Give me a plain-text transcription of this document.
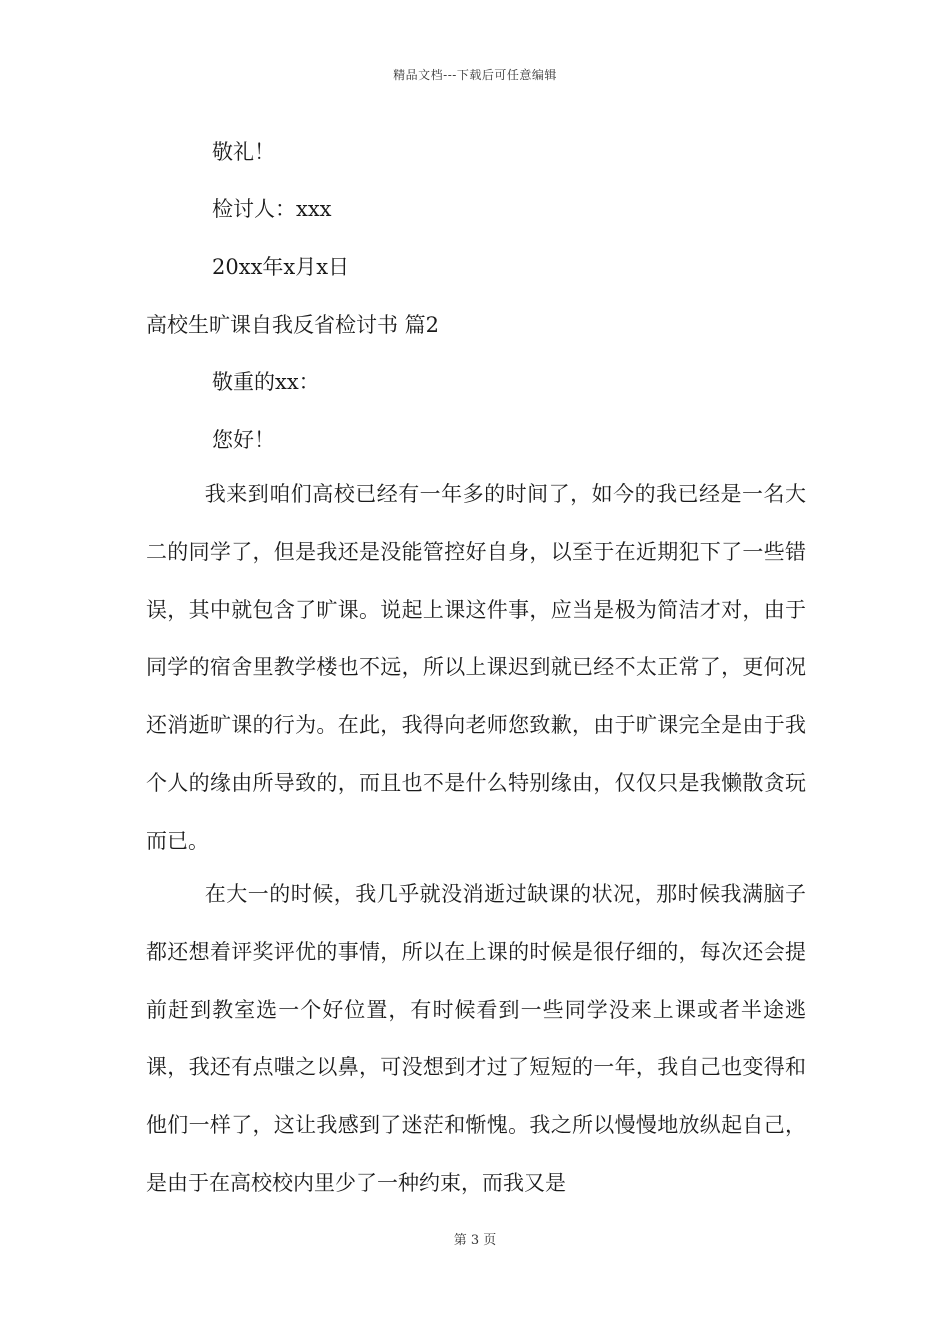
精品文档---下载后可任意编辑
敬礼！
检讨人：xxx
20xx年x月x日
高校生旷课自我反省检讨书 篇2
敬重的xx：
您好！
我来到咱们高校已经有一年多的时间了，如今的我已经是一名大二的同学了，但是我还是没能管控好自身，以至于在近期犯下了一些错误，其中就包含了旷课。说起上课这件事，应当是极为简洁才对，由于同学的宿舍里教学楼也不远，所以上课迟到就已经不太正常了，更何况还消逝旷课的行为。在此，我得向老师您致歉，由于旷课完全是由于我个人的缘由所导致的，而且也不是什么特别缘由，仅仅只是我懒散贪玩而已。
在大一的时候，我几乎就没消逝过缺课的状况，那时候我满脑子都还想着评奖评优的事情，所以在上课的时候是很仔细的，每次还会提前赶到教室选一个好位置，有时候看到一些同学没来上课或者半途逃课，我还有点嗤之以鼻，可没想到才过了短短的一年，我自己也变得和他们一样了，这让我感到了迷茫和惭愧。我之所以慢慢地放纵起自己，是由于在高校校内里少了一种约束，而我又是
第 3 页
